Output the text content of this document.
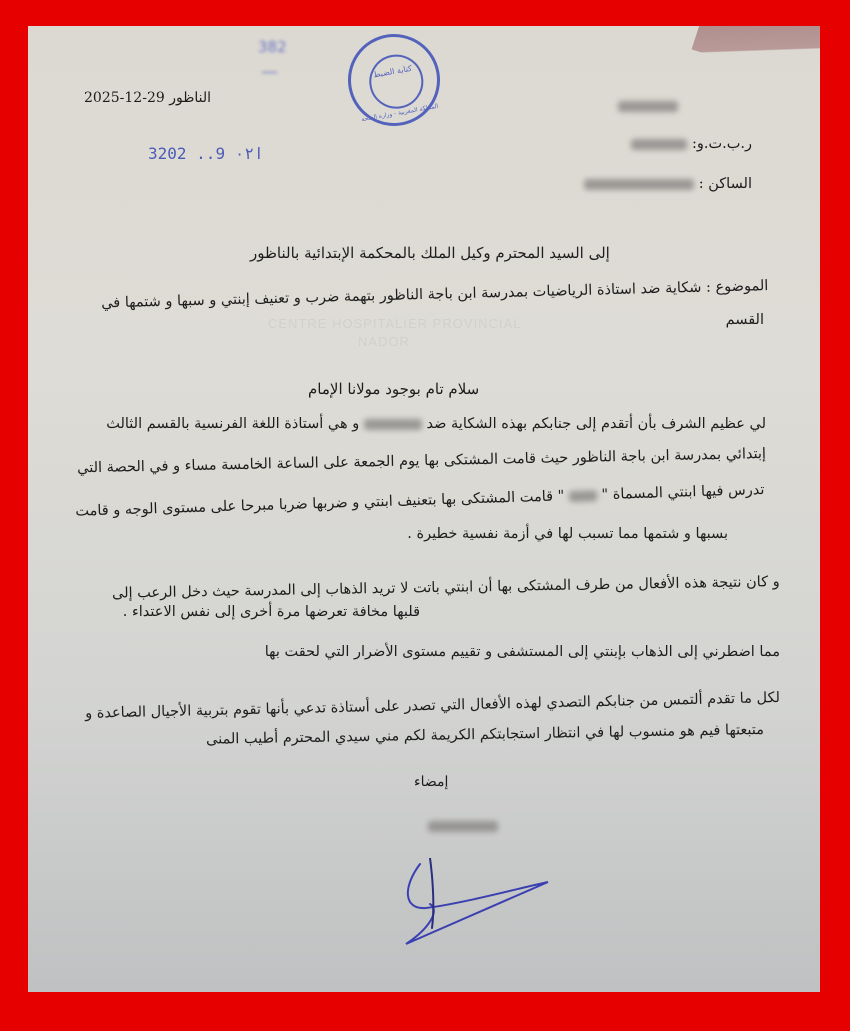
CENTRE HOSPITALIER PROVINCIAL
NADOR
382
ــــ	كتابة الضبط
المملكة المغربية - وزارة الصحة
الناظور 29-12-2025
3202 ..ا٠٢ 9	ر.ب.ت.و:
الساكن :
إلى السيد المحترم وكيل الملك بالمحكمة الإبتدائية بالناظور
الموضوع : شكاية ضد استاذة الرياضيات بمدرسة ابن باجة الناظور بتهمة ضرب و تعنيف إبنتي و سبها و شتمها في
القسم
سلام تام بوجود مولانا الإمام
لي عظيم الشرف بأن أتقدم إلى جنابكم بهذه الشكاية ضد  و هي أستاذة اللغة الفرنسية بالقسم الثالث
إبتدائي بمدرسة ابن باجة الناظور حيث قامت المشتكى بها يوم الجمعة على الساعة الخامسة مساء و في الحصة التي
تدرس فيها ابنتي المسماة "  " قامت المشتكى بها بتعنيف ابنتي و ضربها ضربا مبرحا على مستوى الوجه و قامت
بسبها و شتمها مما تسبب لها في أزمة نفسية خطيرة .
و كان نتيجة هذه الأفعال من طرف المشتكى بها أن ابنتي باتت لا تريد الذهاب إلى المدرسة حيث دخل الرعب إلى
قلبها مخافة تعرضها مرة أخرى إلى نفس الاعتداء .
مما اضطرني إلى الذهاب بإبنتي إلى المستشفى و تقييم مستوى الأضرار التي لحقت بها
لكل ما تقدم ألتمس من جنابكم التصدي لهذه الأفعال التي تصدر على أستاذة تدعي بأنها تقوم بتربية الأجيال الصاعدة و
متبعتها فيم هو منسوب لها في انتظار استجابتكم الكريمة لكم مني سيدي المحترم أطيب المنى
إمضاء
